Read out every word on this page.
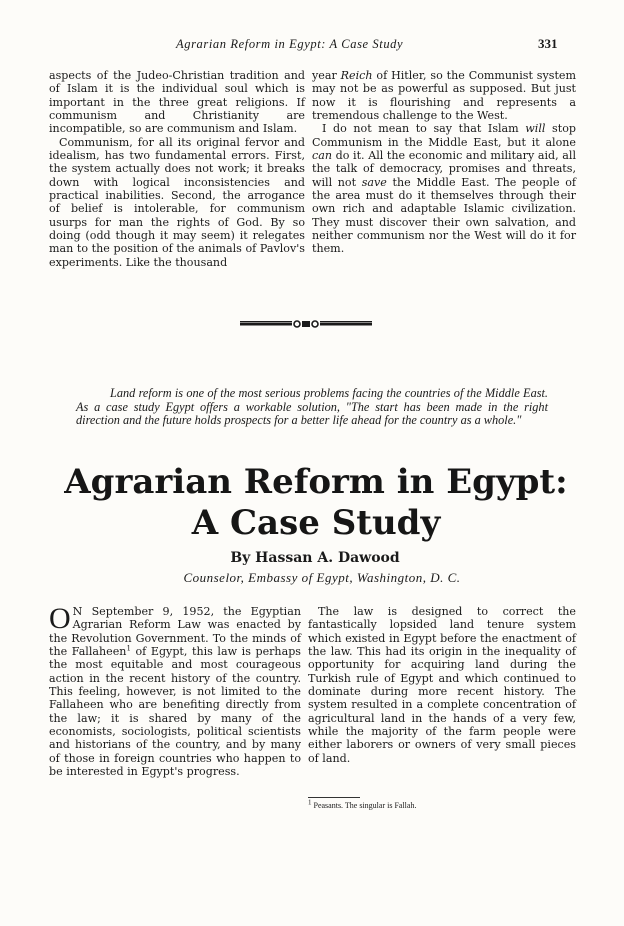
Agrarian Reform in Egypt: A Case Study	331

aspects of the Judeo-Christian tradition and of Islam it is the individual soul which is important in the three great religions. If communism and Christianity are incompatible, so are communism and Islam.

Communism, for all its original fervor and idealism, has two fundamental errors. First, the system actually does not work; it breaks down with logical inconsistencies and practical inabilities. Second, the arrogance of belief is intolerable, for communism usurps for man the rights of God. By so doing (odd though it may seem) it relegates man to the position of the animals of Pavlov's experiments. Like the thousand

year Reich of Hitler, so the Communist system may not be as powerful as supposed. But just now it is flourishing and represents a tremendous challenge to the West.

I do not mean to say that Islam will stop Communism in the Middle East, but it alone can do it. All the economic and military aid, all the talk of democracy, promises and threats, will not save the Middle East. The people of the area must do it themselves through their own rich and adaptable Islamic civilization. They must discover their own salvation, and neither communism nor the West will do it for them.

Land reform is one of the most serious problems facing the countries of the Middle East. As a case study Egypt offers a workable solution, "The start has been made in the right direction and the future holds prospects for a better life ahead for the country as a whole."

Agrarian Reform in Egypt:
A Case Study
By Hassan A. Dawood
Counselor, Embassy of Egypt, Washington, D. C.

O N September 9, 1952, the Egyptian Agrarian Reform Law was enacted by the Revolution Government. To the minds of the Fallaheen$^1$ of Egypt, this law is perhaps the most equitable and most courageous action in the recent history of the country. This feeling, however, is not limited to the Fallaheen who are benefiting directly from the law; it is shared by many of the economists, sociologists, political scientists and historians of the country, and by many of those in foreign countries who happen to be interested in Egypt's progress.

The law is designed to correct the fantastically lopsided land tenure system which existed in Egypt before the enactment of the law. This had its origin in the inequality of opportunity for acquiring land during the Turkish rule of Egypt and which continued to dominate during more recent history. The system resulted in a complete concentration of agricultural land in the hands of a very few, while the majority of the farm people were either laborers or owners of very small pieces of land.

1 Peasants. The singular is Fallah.
